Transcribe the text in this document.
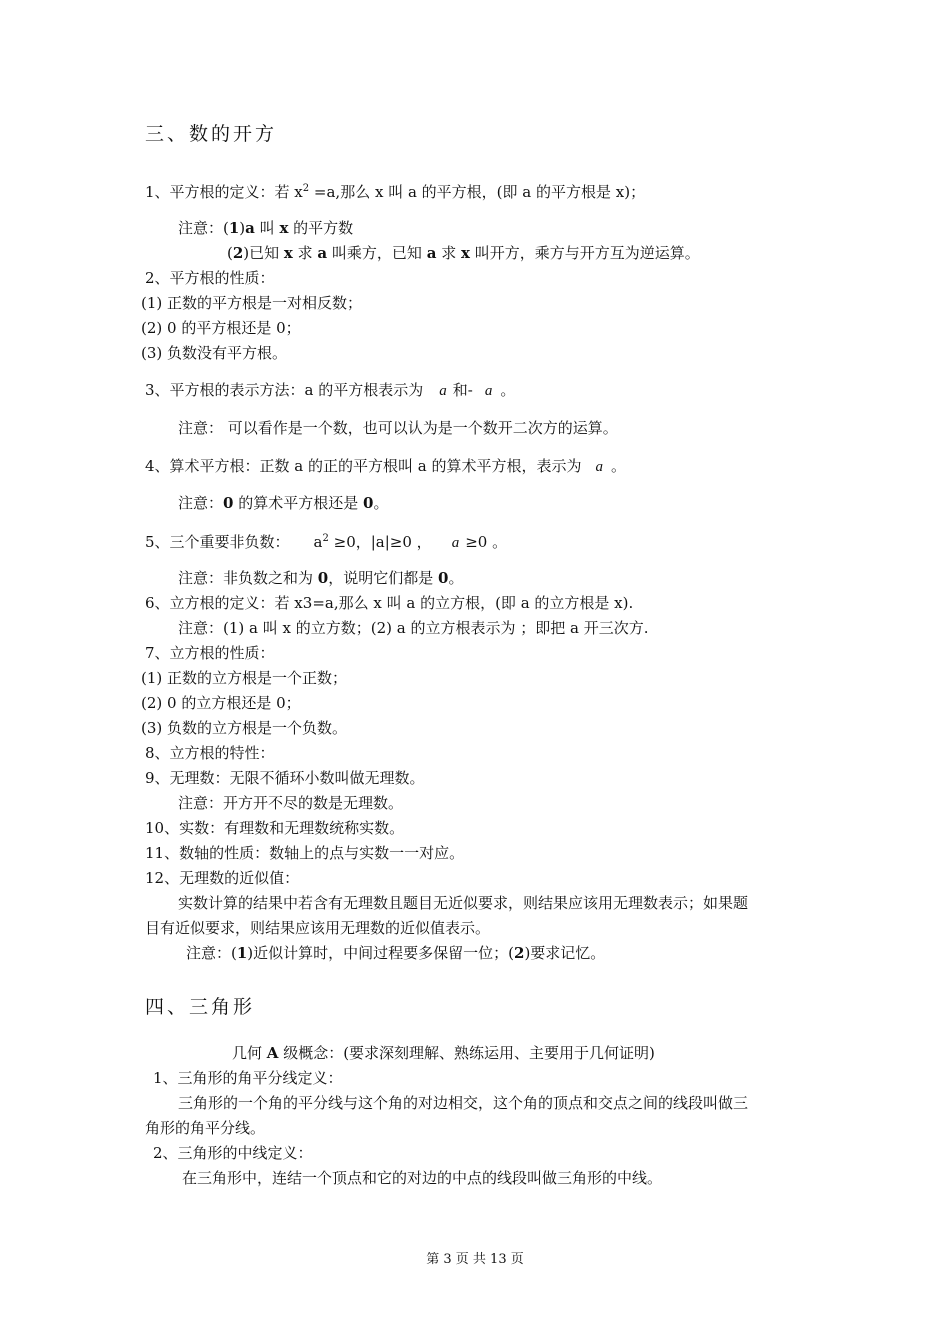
三、数的开方
1、平方根的定义：若 $x^2 =a$,那么 x 叫 a 的平方根，(即 a 的平方根是 x)；
注意：(1)a 叫 x 的平方数
(2)已知 x 求 a 叫乘方，已知 a 求 x 叫开方，乘方与开方互为逆运算。
2、平方根的性质：
(1) 正数的平方根是一对相反数；
(2) 0 的平方根还是 0；
(3) 负数没有平方根。
3、平方根的表示方法：a 的平方根表示为 a 和- a 。
注意： 可以看作是一个数，也可以认为是一个数开二次方的运算。
4、算术平方根：正数 a 的正的平方根叫 a 的算术平方根，表示为 a 。
注意：0 的算术平方根还是 0。
5、三个重要非负数： $a^2 \ge 0$，|a|≥0 ， a ≥0 。
注意：非负数之和为 0，说明它们都是 0。
6、立方根的定义：若 x3=a,那么 x 叫 a 的立方根，(即 a 的立方根是 x).
注意：(1) a 叫 x 的立方数；(2) a 的立方根表示为 ；即把 a 开三次方.
7、立方根的性质：
(1) 正数的立方根是一个正数；
(2) 0 的立方根还是 0；
(3) 负数的立方根是一个负数。
8、立方根的特性：
9、无理数：无限不循环小数叫做无理数。
注意：开方开不尽的数是无理数。
10、实数：有理数和无理数统称实数。
11、数轴的性质：数轴上的点与实数一一对应。
12、无理数的近似值：
实数计算的结果中若含有无理数且题目无近似要求，则结果应该用无理数表示；如果题
目有近似要求，则结果应该用无理数的近似值表示。
注意：(1)近似计算时，中间过程要多保留一位；(2)要求记忆。
四、三角形
几何 A 级概念：(要求深刻理解、熟练运用、主要用于几何证明)
1、三角形的角平分线定义：
三角形的一个角的平分线与这个角的对边相交，这个角的顶点和交点之间的线段叫做三
角形的角平分线。
2、三角形的中线定义：
在三角形中，连结一个顶点和它的对边的中点的线段叫做三角形的中线。
第 3 页 共 13 页
